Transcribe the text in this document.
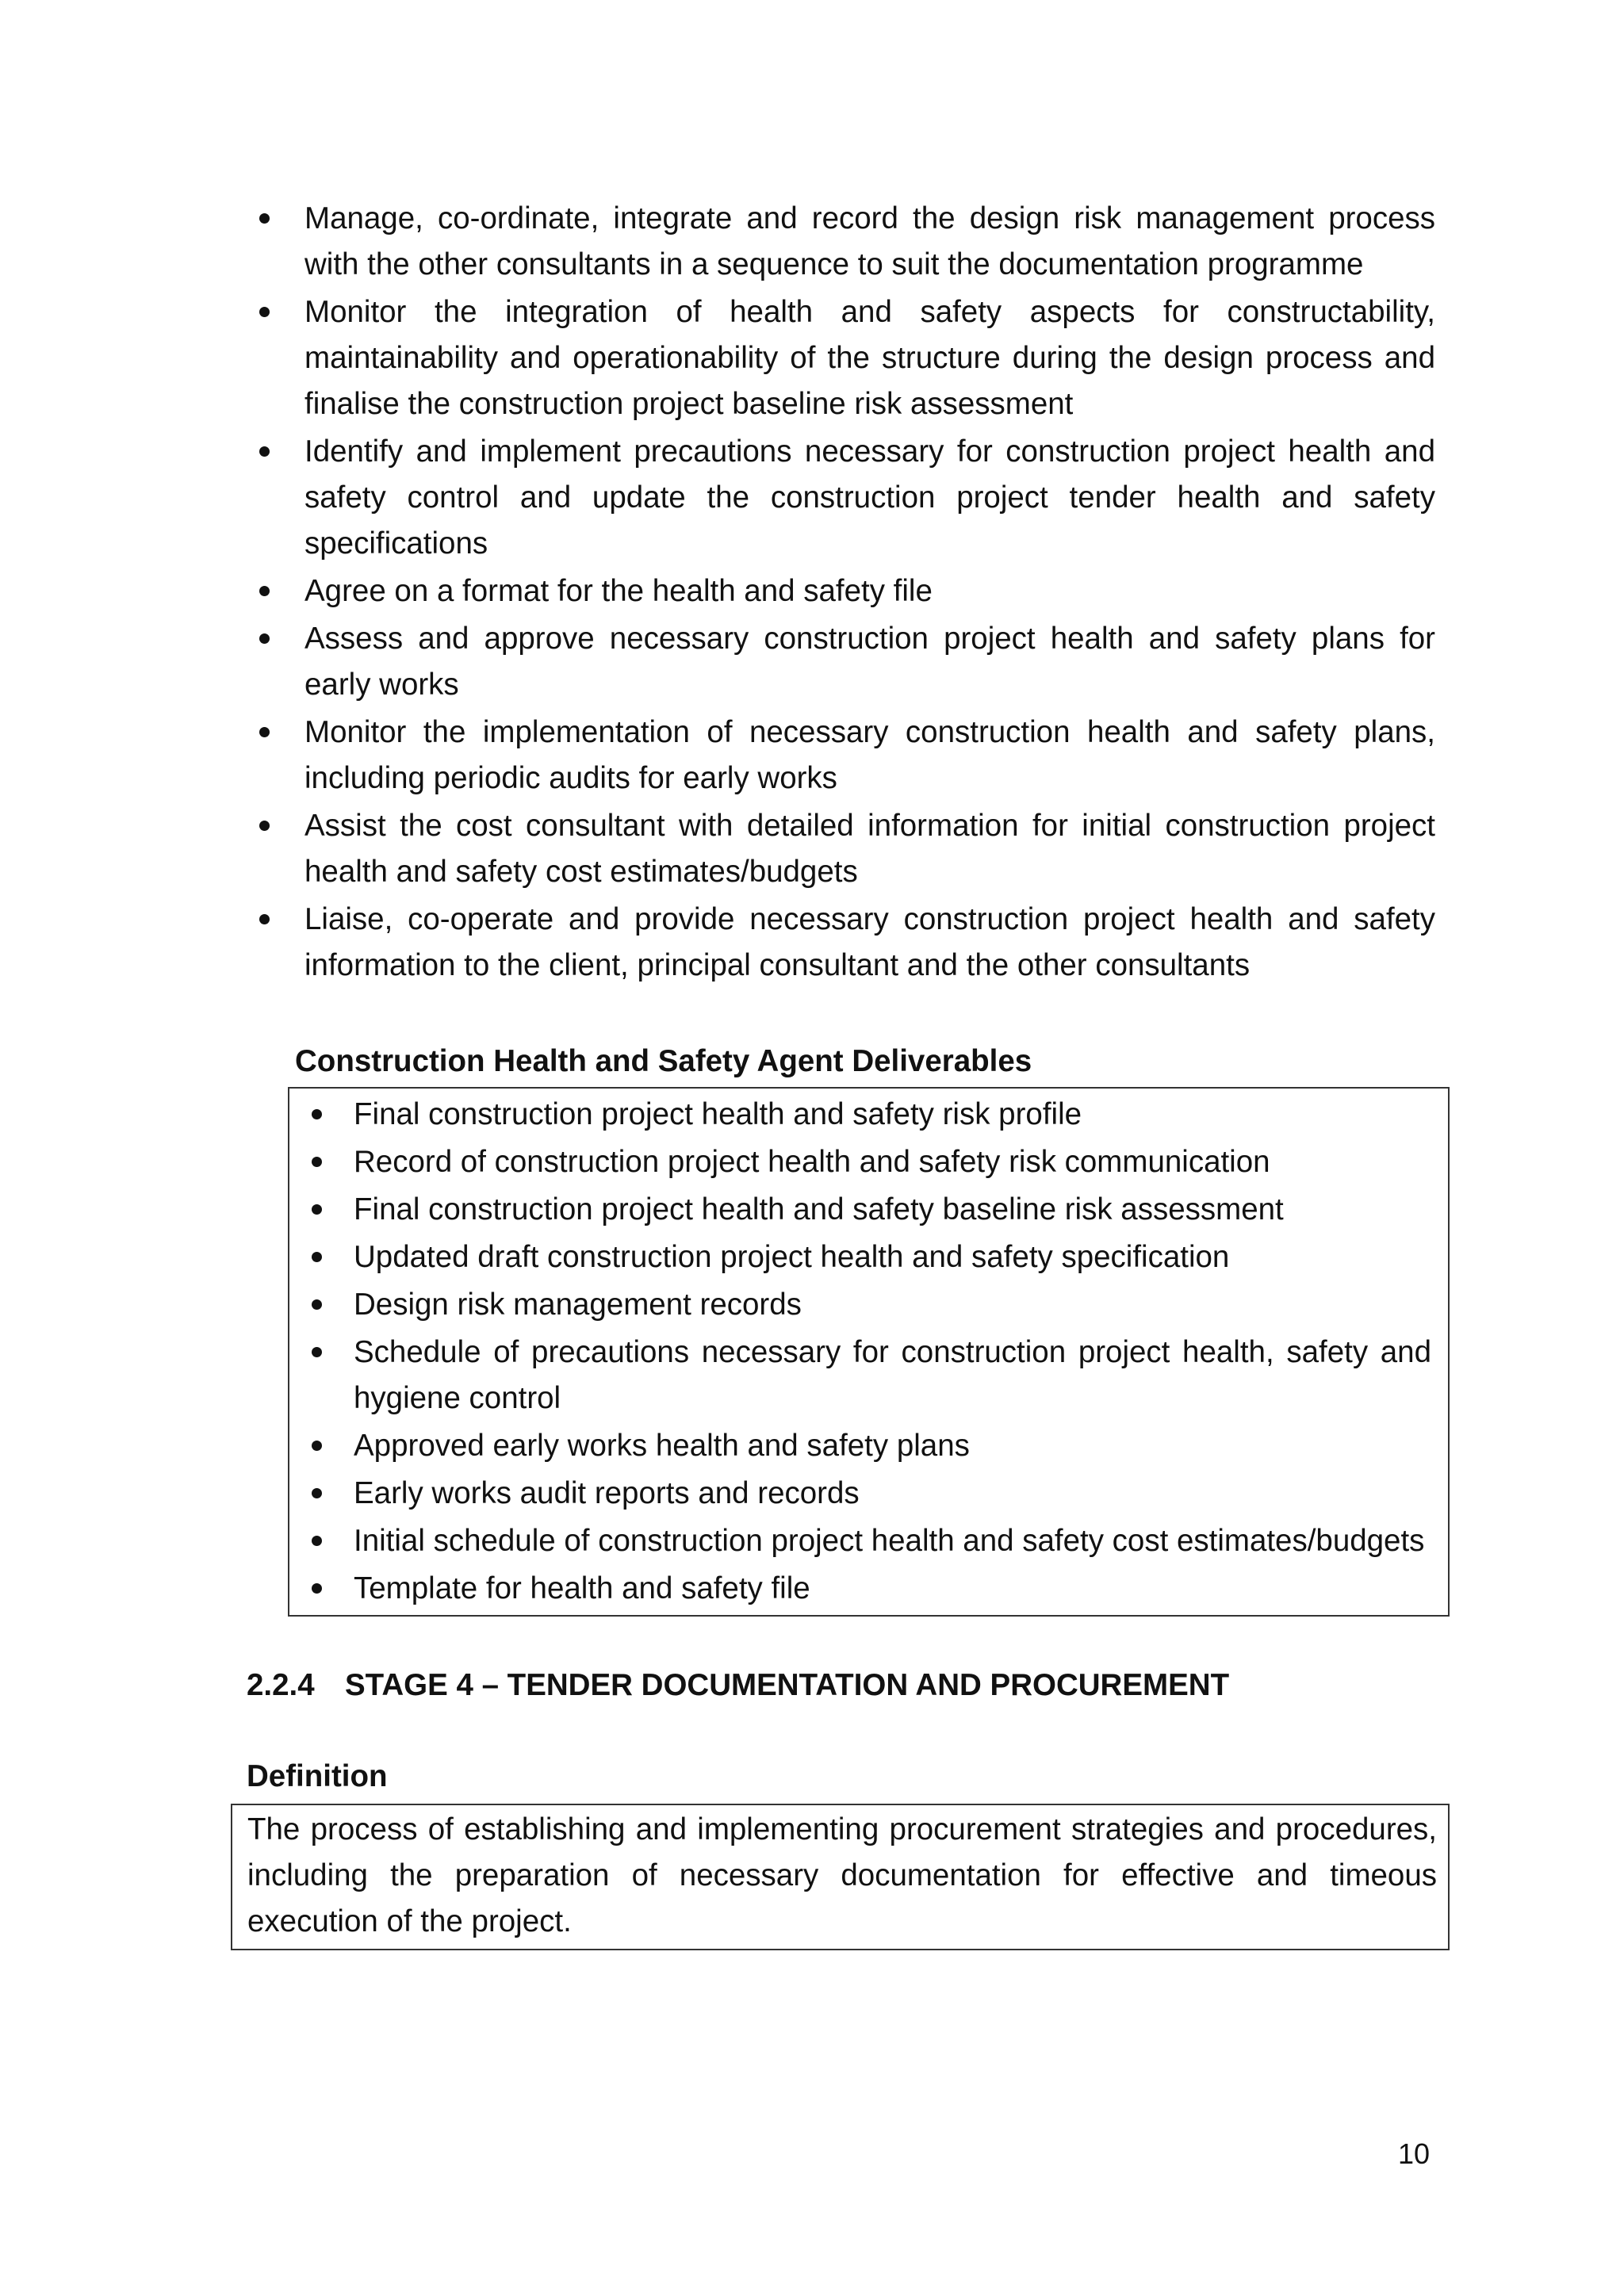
Manage, co-ordinate, integrate and record the design risk management process with the other consultants in a sequence to suit the documentation programme
Monitor the integration of health and safety aspects for constructability, maintainability and operationability of the structure during the design process and finalise the construction project baseline risk assessment
Identify and implement precautions necessary for construction project health and safety control and update the construction project tender health and safety specifications
Agree on a format for the health and safety file
Assess and approve necessary construction project health and safety plans for early works
Monitor the implementation of necessary construction health and safety plans, including periodic audits for early works
Assist the cost consultant with detailed information for initial construction project health and safety cost estimates/budgets
Liaise, co-operate and provide necessary construction project health and safety information to the client, principal consultant and the other consultants
Construction Health and Safety Agent Deliverables
Final construction project health and safety risk profile
Record of construction project health and safety risk communication
Final construction project health and safety baseline risk assessment
Updated draft construction project health and safety specification
Design risk management records
Schedule of precautions necessary for construction project health, safety and hygiene control
Approved early works health and safety plans
Early works audit reports and records
Initial schedule of construction project health and safety cost estimates/budgets
Template for health and safety file
2.2.4 STAGE 4 – TENDER DOCUMENTATION AND PROCUREMENT
Definition
The process of establishing and implementing procurement strategies and procedures, including the preparation of necessary documentation for effective and timeous execution of the project.
10
